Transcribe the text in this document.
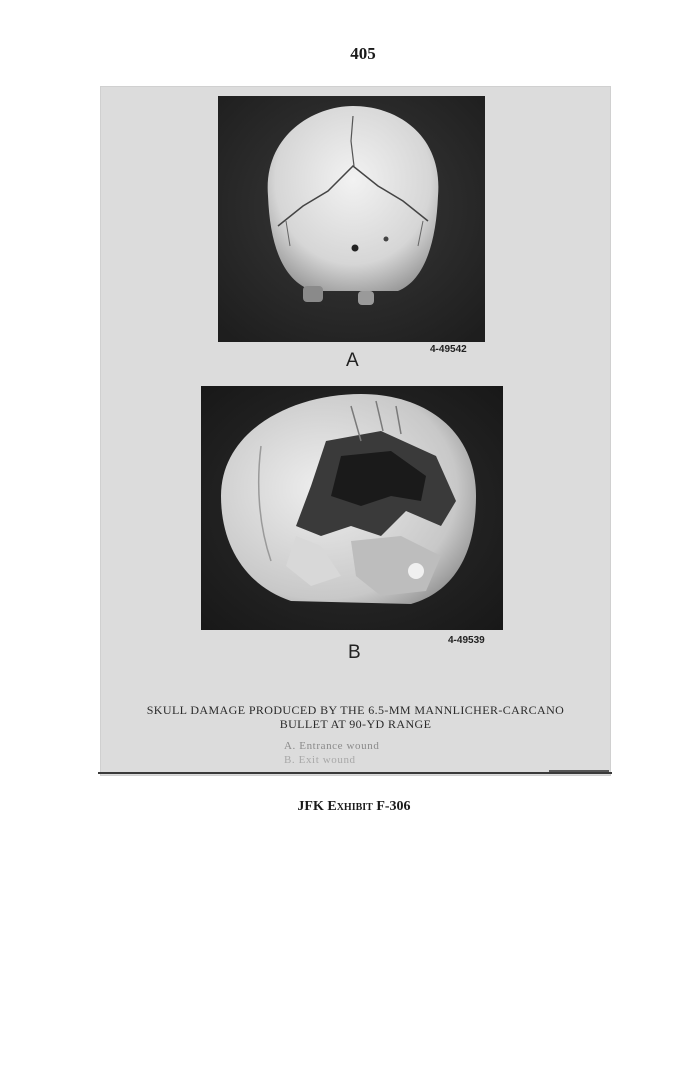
405
4-49542
A
4-49539
B
SKULL DAMAGE PRODUCED BY THE 6.5-MM MANNLICHER-CARCANO
BULLET AT 90-YD RANGE
A. Entrance wound
B. Exit wound
JFK Exhibit F-306
